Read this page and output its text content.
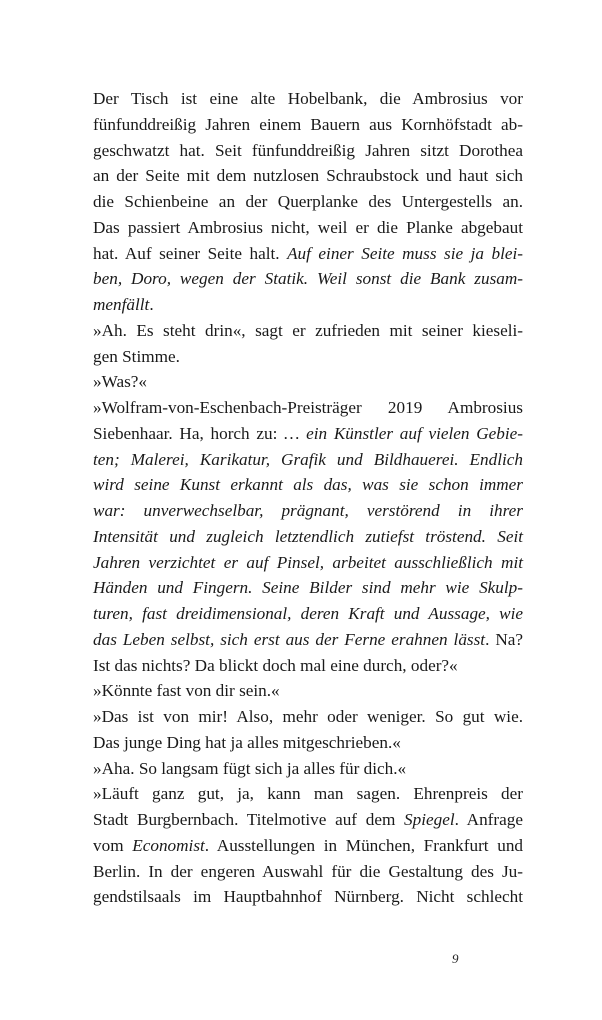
Der Tisch ist eine alte Hobelbank, die Ambrosius vor
fünfunddreißig Jahren einem Bauern aus Kornhöfstadt ab-
geschwatzt hat. Seit fünfunddreißig Jahren sitzt Dorothea
an der Seite mit dem nutzlosen Schraubstock und haut sich
die Schienbeine an der Querplanke des Untergestells an.
Das passiert Ambrosius nicht, weil er die Planke abgebaut
hat. Auf seiner Seite halt. Auf einer Seite muss sie ja blei-
ben, Doro, wegen der Statik. Weil sonst die Bank zusam-
menfällt.
»Ah. Es steht drin«, sagt er zufrieden mit seiner kieseli-
gen Stimme.
»Was?«
»Wolfram-von-Eschenbach-Preisträger 2019 Ambrosius
Siebenhaar. Ha, horch zu: … ein Künstler auf vielen Gebie-
ten; Malerei, Karikatur, Grafik und Bildhauerei. Endlich
wird seine Kunst erkannt als das, was sie schon immer
war: unverwechselbar, prägnant, verstörend in ihrer
Intensität und zugleich letztendlich zutiefst tröstend. Seit
Jahren verzichtet er auf Pinsel, arbeitet ausschließlich mit
Händen und Fingern. Seine Bilder sind mehr wie Skulp-
turen, fast dreidimensional, deren Kraft und Aussage, wie
das Leben selbst, sich erst aus der Ferne erahnen lässt. Na?
Ist das nichts? Da blickt doch mal eine durch, oder?«
»Könnte fast von dir sein.«
»Das ist von mir! Also, mehr oder weniger. So gut wie.
Das junge Ding hat ja alles mitgeschrieben.«
»Aha. So langsam fügt sich ja alles für dich.«
»Läuft ganz gut, ja, kann man sagen. Ehrenpreis der
Stadt Burgbernbach. Titelmotive auf dem Spiegel. Anfrage
vom Economist. Ausstellungen in München, Frankfurt und
Berlin. In der engeren Auswahl für die Gestaltung des Ju-
gendstilsaals im Hauptbahnhof Nürnberg. Nicht schlecht
9
